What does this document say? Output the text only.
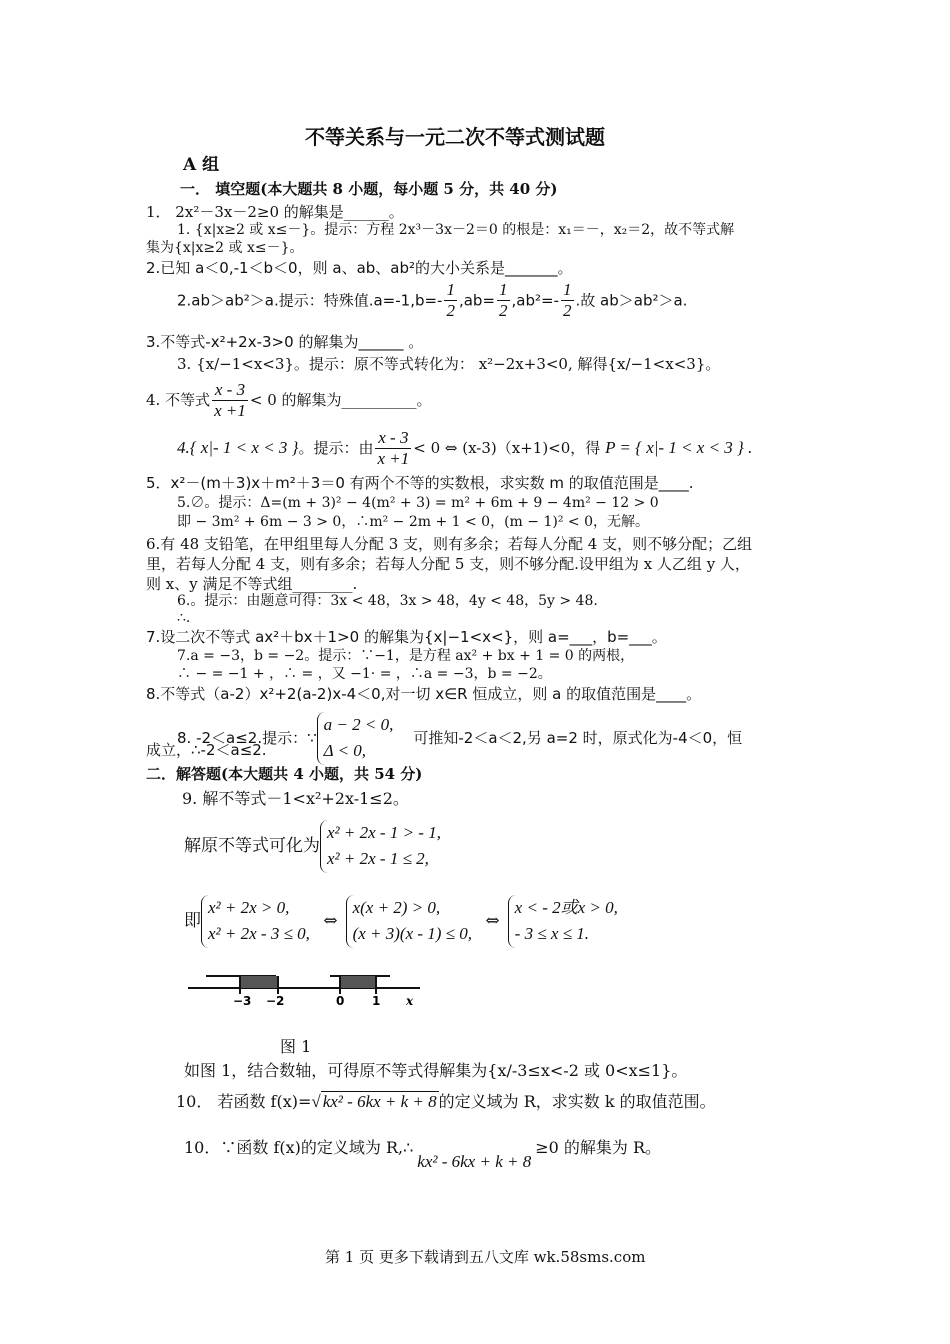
不等关系与一元二次不等式测试题
A 组
一． 填空题(本大题共 8 小题，每小题 5 分，共 40 分)
1． 2x²－3x－2≥0 的解集是______。
1. {x|x≥2 或 x≤－}。提示：方程 2x³－3x－2＝0 的根是：x₁＝－，x₂＝2，故不等式解
集为{x|x≥2 或 x≤－}。
2.已知 a＜0,-1＜b＜0，则 a、ab、ab²的大小关系是_______。
2.ab＞ab²＞a.提示：特殊值$.a=-1,b=- \frac{1}{2} ,ab= \frac{1}{2} ,ab^2=- \frac{1}{2}$ .故 ab＞ab²＞a.
3.不等式-x²+2x-3>0 的解集为______ 。
3. {x/−1<x<3}。提示：原不等式转化为： x²−2x+3<0, 解得{x/−1<x<3}。
4. 不等式 $\frac{x - 3}{x +1} < 0$ 的解集为__________。
4.{ x|- 1 < x < 3 }。提示：由 $\frac{x - 3}{x +1} < 0$ ⇔ (x-3)（x+1)<0，得 P = { x|- 1 < x < 3 } .
5．x²－(m＋3)x＋m²＋3＝0 有两个不等的实数根，求实数 m 的取值范围是____.
5.∅。提示：Δ=(m + 3)² − 4(m² + 3) = m² + 6m + 9 − 4m² − 12 > 0
即 − 3m² + 6m − 3 > 0，∴m² − 2m + 1 < 0，(m − 1)² < 0，无解。
6.有 48 支铅笔，在甲组里每人分配 3 支，则有多余；若每人分配 4 支，则不够分配；乙组
里，若每人分配 4 支，则有多余；若每人分配 5 支，则不够分配.设甲组为 x 人乙组 y 人，
则 x、y 满足不等式组________.
6.。提示：由题意可得：3x < 48，3x > 48，4y < 48，5y > 48.
∴.
7.设二次不等式 ax²＋bx＋1>0 的解集为{x|−1<x<}，则 a=___，b=___。
7.a = −3，b = −2。提示：∵−1，是方程 ax² + bx + 1 = 0 的两根，
∴ − = −1 + ，∴ = ，又 −1· = ，∴a = −3，b = −2。
8.不等式（a-2）x²+2(a-2)x-4＜0,对一切 x∈R 恒成立，则 a 的取值范围是____。
8. -2＜a≤2.提示：∵
a − 2 < 0,
Δ < 0,
可推知-2＜a＜2,另 a=2 时，原式化为-4＜0，恒
成立，∴-2＜a≤2.
二．解答题(本大题共 4 小题，共 54 分)
9. 解不等式－1<x²+2x-1≤2。
解原不等式可化为
x² + 2x - 1 > - 1,
x² + 2x - 1 ≤ 2,
即
x² + 2x > 0,
x² + 2x - 3 ≤ 0,
⇔
x(x + 2) > 0,
(x + 3)(x - 1) ≤ 0,
⇔
x < - 2或x > 0,
- 3 ≤ x ≤ 1.
−3 −2	0 1 x
图 1
如图 1，结合数轴，可得原不等式得解集为{x/-3≤x<-2 或 0<x≤1}。
10． 若函数 f(x)=√ kx² - 6kx + k + 8 的定义域为 R，求实数 k 的取值范围。
10．∵函数 f(x)的定义域为 R,∴kx² - 6kx + k + 8≥0 的解集为 R。
第 1 页 更多下载请到五八文库 wk.58sms.com
